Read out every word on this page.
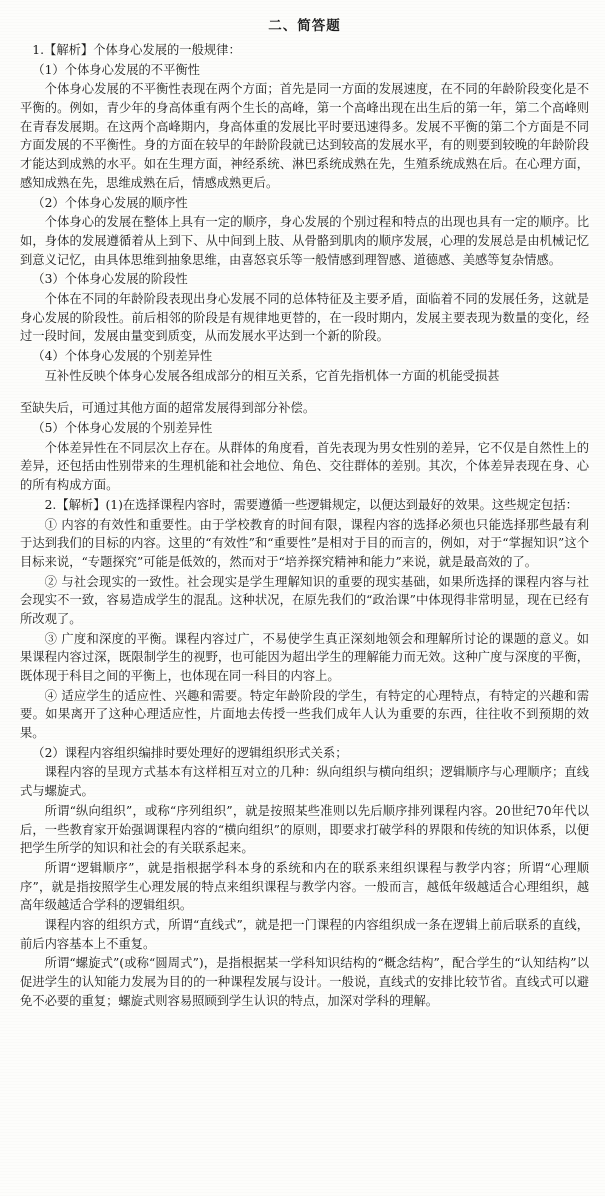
二、简答题

1.【解析】个体身心发展的一般规律：

（1）个体身心发展的不平衡性

个体身心发展的不平衡性表现在两个方面；首先是同一方面的发展速度，在不同的年龄阶段变化是不平衡的。例如，青少年的身高体重有两个生长的高峰，第一个高峰出现在出生后的第一年，第二个高峰则在青春发展期。在这两个高峰期内，身高体重的发展比平时要迅速得多。发展不平衡的第二个方面是不同方面发展的不平衡性。身的方面在较早的年龄阶段就已达到较高的发展水平，有的则要到较晚的年龄阶段才能达到成熟的水平。如在生理方面，神经系统、淋巴系统成熟在先，生殖系统成熟在后。在心理方面，感知成熟在先，思维成熟在后，情感成熟更后。

（2）个体身心发展的顺序性

个体身心的发展在整体上具有一定的顺序，身心发展的个别过程和特点的出现也具有一定的顺序。比如，身体的发展遵循着从上到下、从中间到上肢、从骨骼到肌肉的顺序发展，心理的发展总是由机械记忆到意义记忆，由具体思维到抽象思维，由喜怒哀乐等一般情感到理智感、道德感、美感等复杂情感。

（3）个体身心发展的阶段性

个体在不同的年龄阶段表现出身心发展不同的总体特征及主要矛盾，面临着不同的发展任务，这就是身心发展的阶段性。前后相邻的阶段是有规律地更替的，在一段时期内，发展主要表现为数量的变化，经过一段时间，发展由量变到质变，从而发展水平达到一个新的阶段。

（4）个体身心发展的个别差异性

互补性反映个体身心发展各组成部分的相互关系，它首先指机体一方面的机能受损甚

至缺失后，可通过其他方面的超常发展得到部分补偿。

（5）个体身心发展的个别差异性

个体差异性在不同层次上存在。从群体的角度看，首先表现为男女性别的差异，它不仅是自然性上的差异，还包括由性别带来的生理机能和社会地位、角色、交往群体的差别。其次，个体差异表现在身、心的所有构成方面。

2.【解析】(1)在选择课程内容时，需要遵循一些逻辑规定，以便达到最好的效果。这些规定包括：

① 内容的有效性和重要性。由于学校教育的时间有限，课程内容的选择必须也只能选择那些最有利于达到我们的目标的内容。这里的“有效性”和“重要性”是相对于目的而言的，例如，对于“掌握知识”这个目标来说，“专题探究”可能是低效的，然而对于“培养探究精神和能力”来说，就是最高效的了。

② 与社会现实的一致性。社会现实是学生理解知识的重要的现实基础，如果所选择的课程内容与社会现实不一致，容易造成学生的混乱。这种状况，在原先我们的“政治课”中体现得非常明显，现在已经有所改观了。

③ 广度和深度的平衡。课程内容过广，不易使学生真正深刻地领会和理解所讨论的课题的意义。如果课程内容过深，既限制学生的视野，也可能因为超出学生的理解能力而无效。这种广度与深度的平衡，既体现于科目之间的平衡上，也体现在同一科目的内容上。

④ 适应学生的适应性、兴趣和需要。特定年龄阶段的学生，有特定的心理特点，有特定的兴趣和需要。如果离开了这种心理适应性，片面地去传授一些我们成年人认为重要的东西，往往收不到预期的效果。

（2）课程内容组织编排时要处理好的逻辑组织形式关系；

课程内容的呈现方式基本有这样相互对立的几种：纵向组织与横向组织；逻辑顺序与心理顺序；直线式与螺旋式。

所谓“纵向组织”，或称“序列组织”，就是按照某些准则以先后顺序排列课程内容。20世纪70年代以后，一些教育家开始强调课程内容的“横向组织”的原则，即要求打破学科的界限和传统的知识体系，以便把学生所学的知识和社会的有关联系起来。

所谓“逻辑顺序”，就是指根据学科本身的系统和内在的联系来组织课程与教学内容；所谓“心理顺序”，就是指按照学生心理发展的特点来组织课程与教学内容。一般而言，越低年级越适合心理组织，越高年级越适合学科的逻辑组织。

课程内容的组织方式，所谓“直线式”，就是把一门课程的内容组织成一条在逻辑上前后联系的直线，前后内容基本上不重复。

所谓“螺旋式”(或称“圆周式”)，是指根据某一学科知识结构的“概念结构”，配合学生的“认知结构”以促进学生的认知能力发展为目的的一种课程发展与设计。一般说，直线式的安排比较节省。直线式可以避免不必要的重复；螺旋式则容易照顾到学生认识的特点，加深对学科的理解。
